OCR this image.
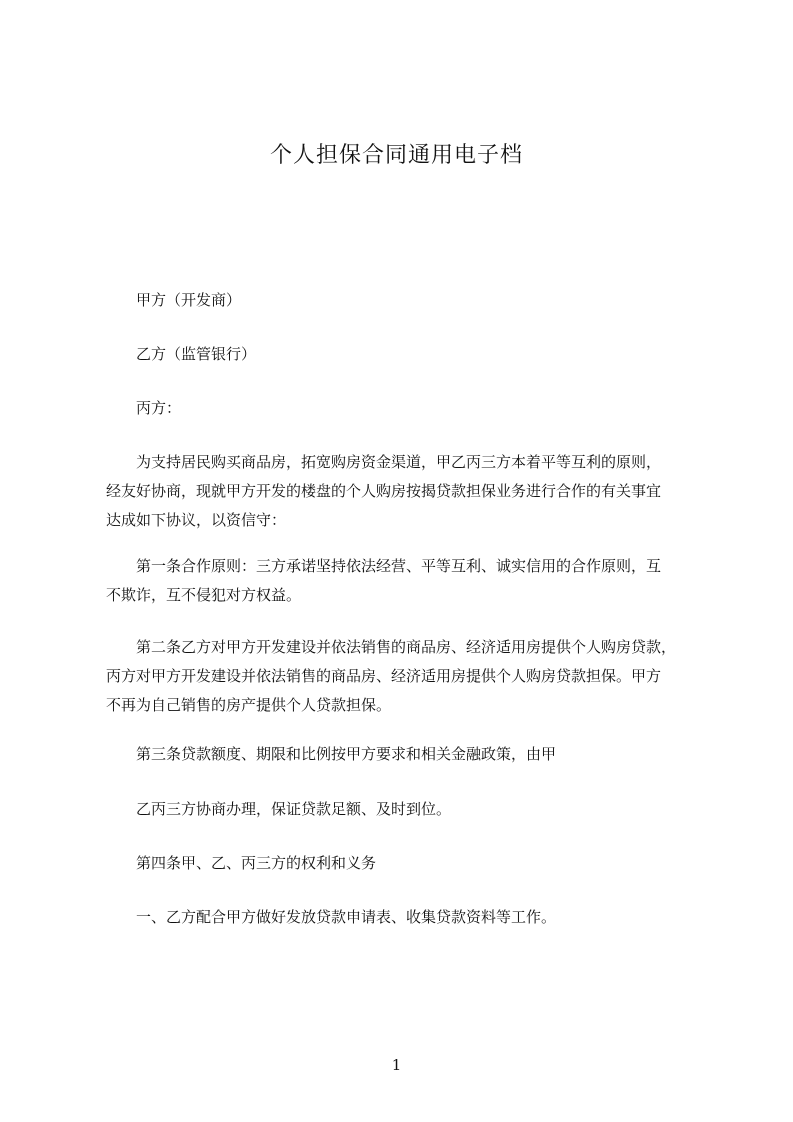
个人担保合同通用电子档

甲方（开发商）

乙方（监管银行）

丙方：

为支持居民购买商品房，拓宽购房资金渠道，甲乙丙三方本着平等互利的原则，
经友好协商，现就甲方开发的楼盘的个人购房按揭贷款担保业务进行合作的有关事宜
达成如下协议，以资信守：
第一条合作原则：三方承诺坚持依法经营、平等互利、诚实信用的合作原则，互
不欺诈，互不侵犯对方权益。
第二条乙方对甲方开发建设并依法销售的商品房、经济适用房提供个人购房贷款，
丙方对甲方开发建设并依法销售的商品房、经济适用房提供个人购房贷款担保。甲方
不再为自己销售的房产提供个人贷款担保。

第三条贷款额度、期限和比例按甲方要求和相关金融政策，由甲

乙丙三方协商办理，保证贷款足额、及时到位。

第四条甲、乙、丙三方的权利和义务

一、乙方配合甲方做好发放贷款申请表、收集贷款资料等工作。

1
